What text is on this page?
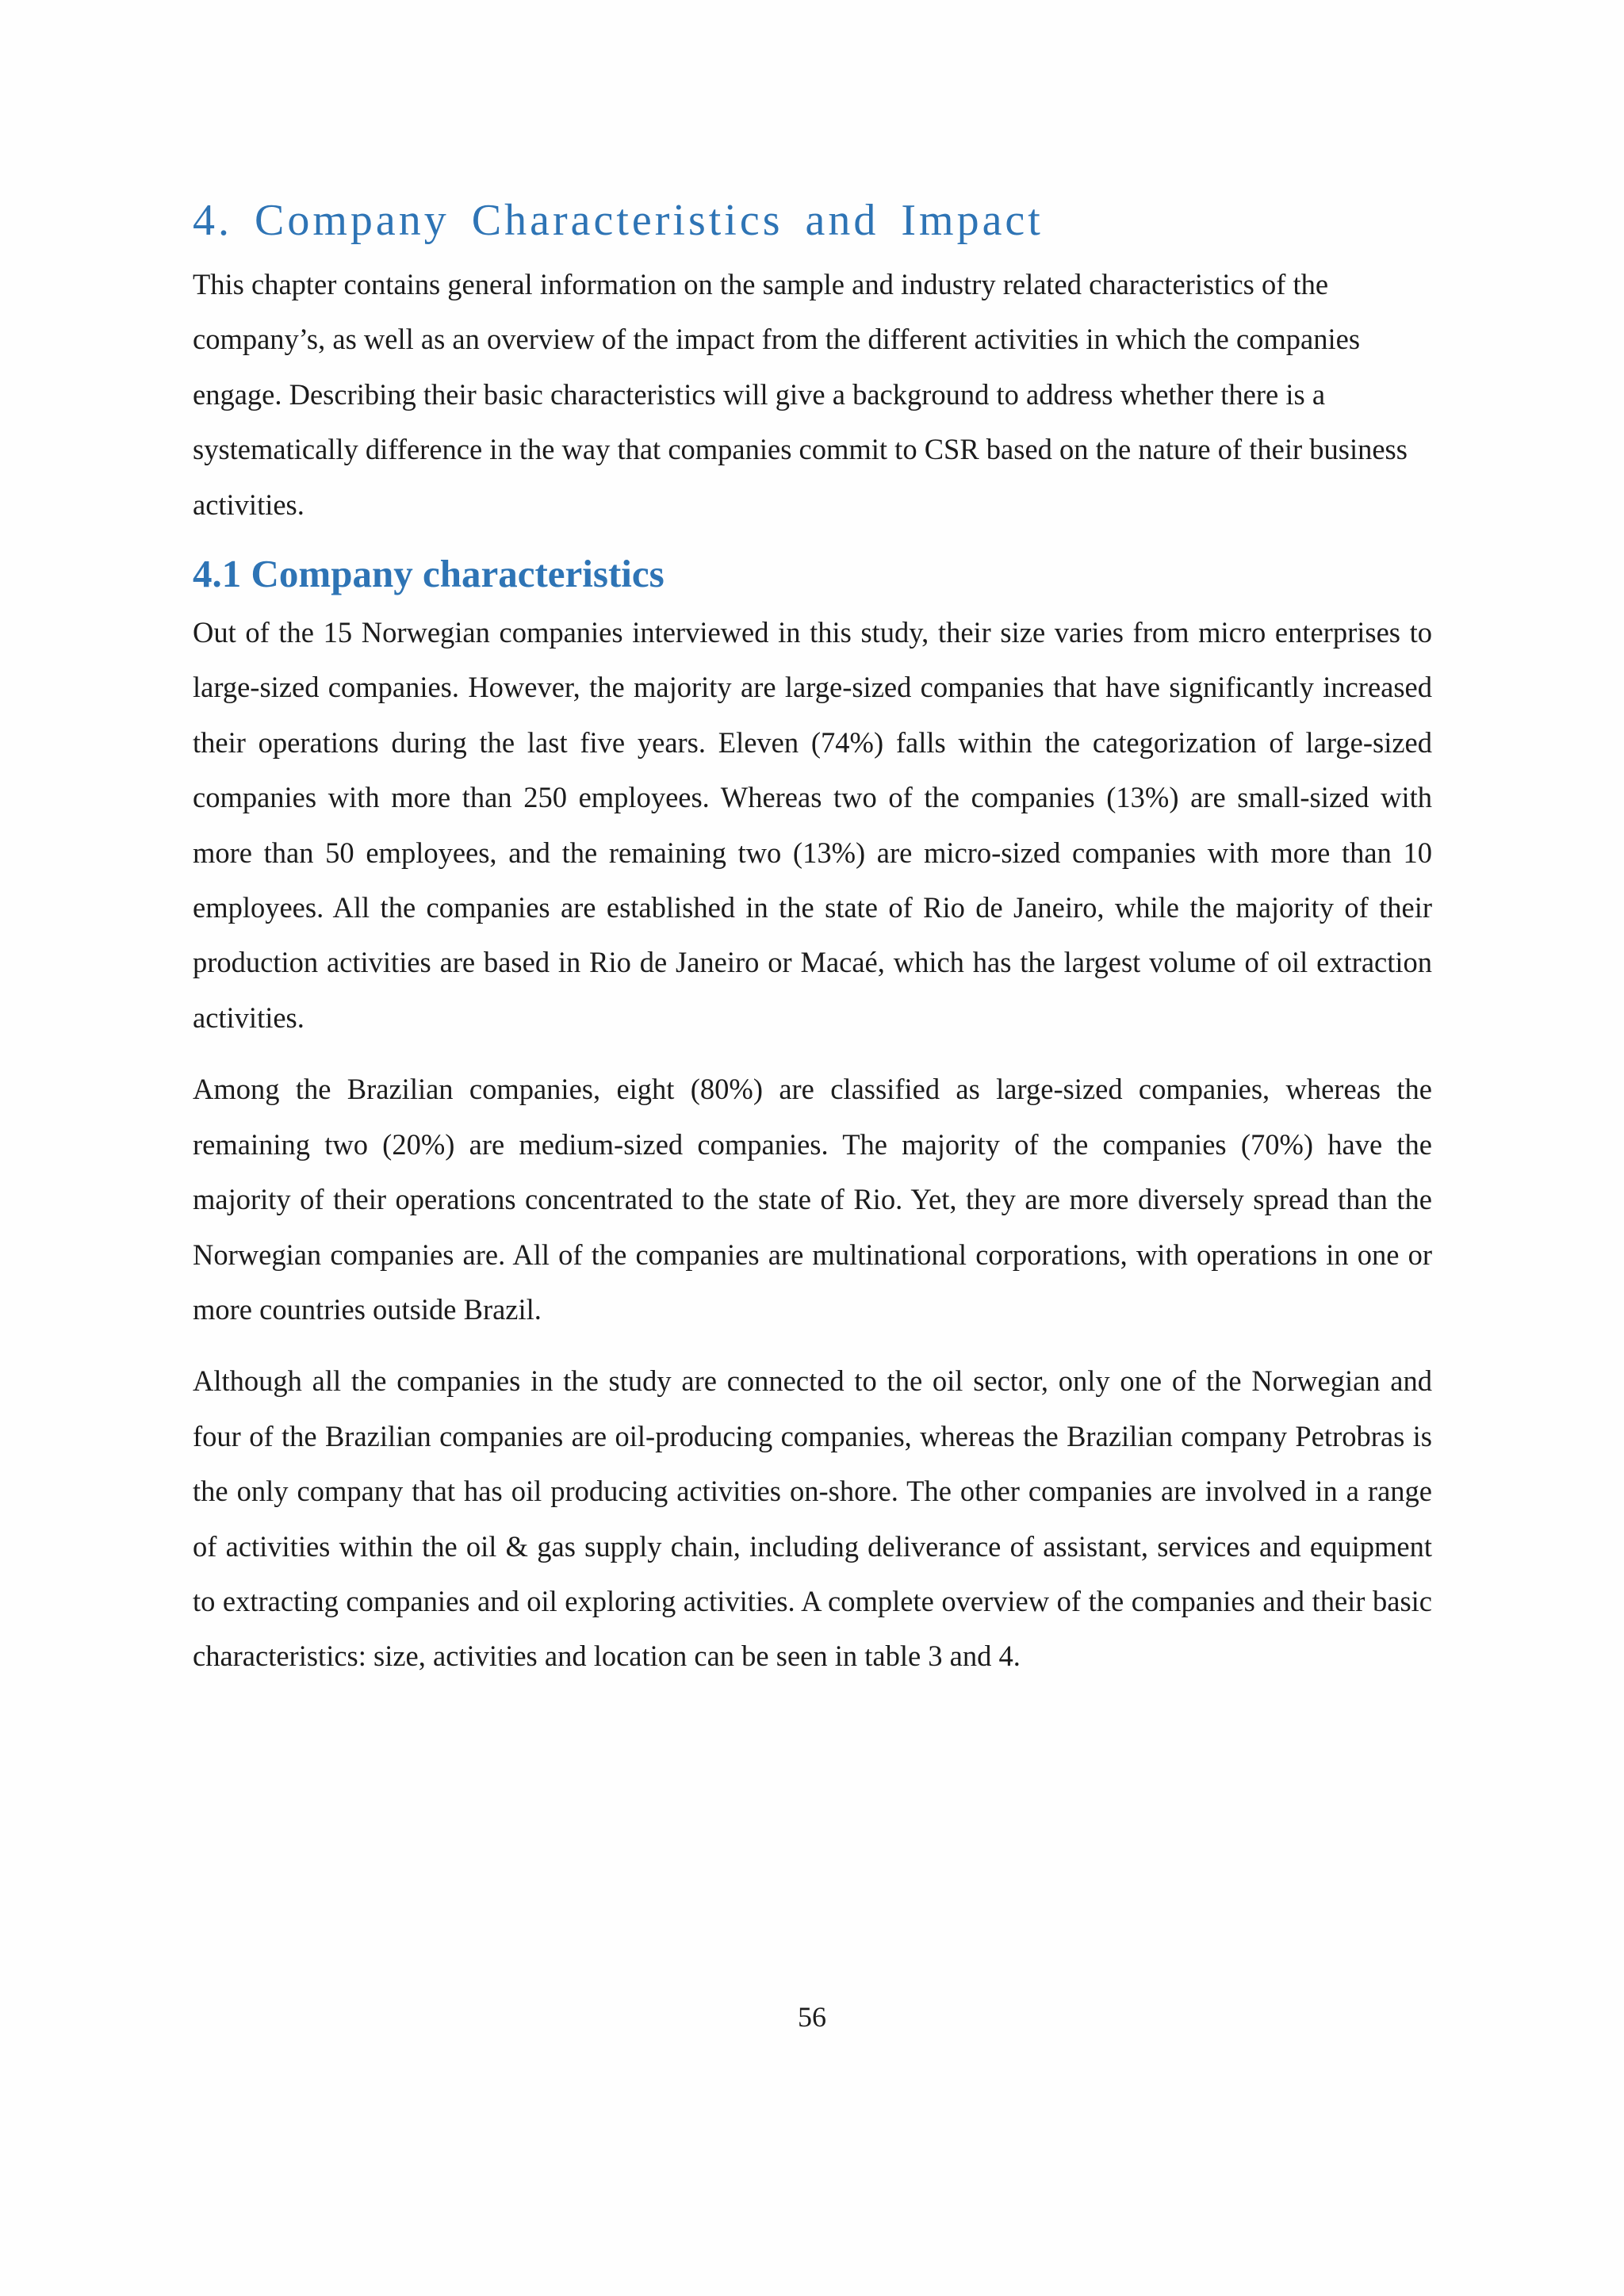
4. Company Characteristics and Impact

This chapter contains general information on the sample and industry related characteristics of the company’s, as well as an overview of the impact from the different activities in which the companies engage. Describing their basic characteristics will give a background to address whether there is a systematically difference in the way that companies commit to CSR based on the nature of their business activities.

4.1 Company characteristics

Out of the 15 Norwegian companies interviewed in this study, their size varies from micro enterprises to large-sized companies. However, the majority are large-sized companies that have significantly increased their operations during the last five years. Eleven (74%) falls within the categorization of large-sized companies with more than 250 employees. Whereas two of the companies (13%) are small-sized with more than 50 employees, and the remaining two (13%) are micro-sized companies with more than 10 employees. All the companies are established in the state of Rio de Janeiro, while the majority of their production activities are based in Rio de Janeiro or Macaé, which has the largest volume of oil extraction activities.

Among the Brazilian companies, eight (80%) are classified as large-sized companies, whereas the remaining two (20%) are medium-sized companies. The majority of the companies (70%) have the majority of their operations concentrated to the state of Rio. Yet, they are more diversely spread than the Norwegian companies are. All of the companies are multinational corporations, with operations in one or more countries outside Brazil.

Although all the companies in the study are connected to the oil sector, only one of the Norwegian and four of the Brazilian companies are oil-producing companies, whereas the Brazilian company Petrobras is the only company that has oil producing activities on-shore. The other companies are involved in a range of activities within the oil & gas supply chain, including deliverance of assistant, services and equipment to extracting companies and oil exploring activities. A complete overview of the companies and their basic characteristics: size, activities and location can be seen in table 3 and 4.

56
